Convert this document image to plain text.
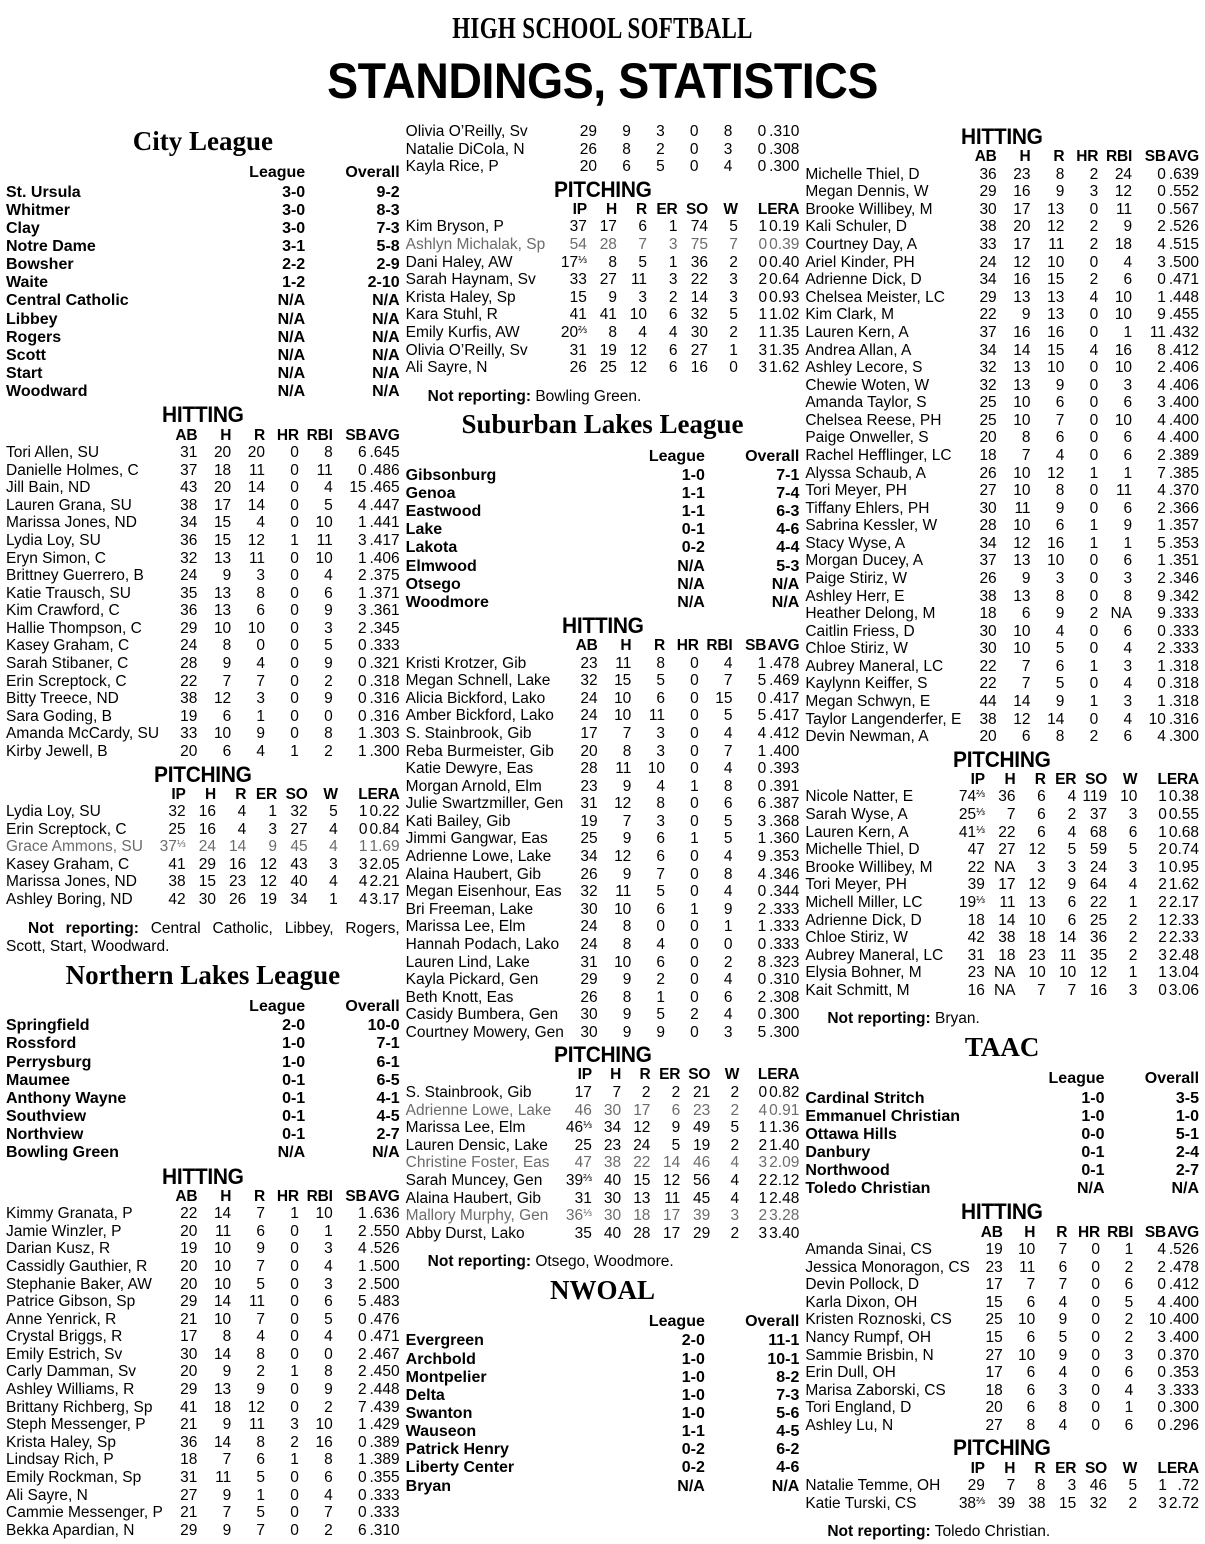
HIGH SCHOOL SOFTBALL
STANDINGS, STATISTICS
City League
	League	Overall
St. Ursula	3-0	9-2
Whitmer	3-0	8-3
Clay	3-0	7-3
Notre Dame	3-1	5-8
Bowsher	2-2	2-9
Waite	1-2	2-10
Central Catholic	N/A	N/A
Libbey	N/A	N/A
Rogers	N/A	N/A
Scott	N/A	N/A
Start	N/A	N/A
Woodward	N/A	N/A
HITTING
	AB	H	R	HR	RBI	SB	AVG
Tori Allen, SU	31	20	20	0	8	6	.645
Danielle Holmes, C	37	18	11	0	11	0	.486
Jill Bain, ND	43	20	14	0	4	15	.465
Lauren Grana, SU	38	17	14	0	5	4	.447
Marissa Jones, ND	34	15	4	0	10	1	.441
Lydia Loy, SU	36	15	12	1	11	3	.417
Eryn Simon, C	32	13	11	0	10	1	.406
Brittney Guerrero, B	24	9	3	0	4	2	.375
Katie Trausch, SU	35	13	8	0	6	1	.371
Kim Crawford, C	36	13	6	0	9	3	.361
Hallie Thompson, C	29	10	10	0	3	2	.345
Kasey Graham, C	24	8	0	0	5	0	.333
Sarah Stibaner, C	28	9	4	0	9	0	.321
Erin Screptock, C	22	7	7	0	2	0	.318
Bitty Treece, ND	38	12	3	0	9	0	.316
Sara Goding, B	19	6	1	0	0	0	.316
Amanda McCardy, SU	33	10	9	0	8	1	.303
Kirby Jewell, B	20	6	4	1	2	1	.300
PITCHING
	IP	H	R	ER	SO	W	L	ERA
Lydia Loy, SU	32	16	4	1	32	5	1	0.22
Erin Screptock, C	25	16	4	3	27	4	0	0.84
Grace Ammons, SU	$37^{\frac{1}{3}}$	24	14	9	45	4	1	1.69
Kasey Graham, C	41	29	16	12	43	3	3	2.05
Marissa Jones, ND	38	15	23	12	40	4	4	2.21
Ashley Boring, ND	42	30	26	19	34	1	4	3.17

Not reporting: Central Catholic, Libbey, Rogers, Scott, Start, Woodward.

Northern Lakes League
	League	Overall
Springfield	2-0	10-0
Rossford	1-0	7-1
Perrysburg	1-0	6-1
Maumee	0-1	6-5
Anthony Wayne	0-1	4-1
Southview	0-1	4-5
Northview	0-1	2-7
Bowling Green	N/A	N/A
HITTING
	AB	H	R	HR	RBI	SB	AVG
Kimmy Granata, P	22	14	7	1	10	1	.636
Jamie Winzler, P	20	11	6	0	1	2	.550
Darian Kusz, R	19	10	9	0	3	4	.526
Cassidly Gauthier, R	20	10	7	0	4	1	.500
Stephanie Baker, AW	20	10	5	0	3	2	.500
Patrice Gibson, Sp	29	14	11	0	6	5	.483
Anne Yenrick, R	21	10	7	0	5	0	.476
Crystal Briggs, R	17	8	4	0	4	0	.471
Emily Estrich, Sv	30	14	8	0	0	2	.467
Carly Damman, Sv	20	9	2	1	8	2	.450
Ashley Williams, R	29	13	9	0	9	2	.448
Brittany Richberg, Sp	41	18	12	0	2	7	.439
Steph Messenger, P	21	9	11	3	10	1	.429
Krista Haley, Sp	36	14	8	2	16	0	.389
Lindsay Rich, P	18	7	6	1	8	1	.389
Emily Rockman, Sp	31	11	5	0	6	0	.355
Ali Sayre, N	27	9	1	0	4	0	.333
Cammie Messenger, P	21	7	5	0	7	0	.333
Bekka Apardian, N	29	9	7	0	2	6	.310
Olivia O’Reilly, Sv	29	9	3	0	8	0	.310
Natalie DiCola, N	26	8	2	0	3	0	.308
Kayla Rice, P	20	6	5	0	4	0	.300
PITCHING
	IP	H	R	ER	SO	W	L	ERA
Kim Bryson, P	37	17	6	1	74	5	1	0.19
Ashlyn Michalak, Sp	54	28	7	3	75	7	0	0.39
Dani Haley, AW	$17^{\frac{1}{3}}$	8	5	1	36	2	0	0.40
Sarah Haynam, Sv	33	27	11	3	22	3	2	0.64
Krista Haley, Sp	15	9	3	2	14	3	0	0.93
Kara Stuhl, R	41	41	10	6	32	5	1	1.02
Emily Kurfis, AW	$20^{\frac{2}{3}}$	8	4	4	30	2	1	1.35
Olivia O’Reilly, Sv	31	19	12	6	27	1	3	1.35
Ali Sayre, N	26	25	12	6	16	0	3	1.62

Not reporting: Bowling Green.

Suburban Lakes League
	League	Overall
Gibsonburg	1-0	7-1
Genoa	1-1	7-4
Eastwood	1-1	6-3
Lake	0-1	4-6
Lakota	0-2	4-4
Elmwood	N/A	5-3
Otsego	N/A	N/A
Woodmore	N/A	N/A
HITTING
	AB	H	R	HR	RBI	SB	AVG
Kristi Krotzer, Gib	23	11	8	0	4	1	.478
Megan Schnell, Lake	32	15	5	0	7	5	.469
Alicia Bickford, Lako	24	10	6	0	15	0	.417
Amber Bickford, Lako	24	10	11	0	5	5	.417
S. Stainbrook, Gib	17	7	3	0	4	4	.412
Reba Burmeister, Gib	20	8	3	0	7	1	.400
Katie Dewyre, Eas	28	11	10	0	4	0	.393
Morgan Arnold, Elm	23	9	4	1	8	0	.391
Julie Swartzmiller, Gen	31	12	8	0	6	6	.387
Kati Bailey, Gib	19	7	3	0	5	3	.368
Jimmi Gangwar, Eas	25	9	6	1	5	1	.360
Adrienne Lowe, Lake	34	12	6	0	4	9	.353
Alaina Haubert, Gib	26	9	7	0	8	4	.346
Megan Eisenhour, Eas	32	11	5	0	4	0	.344
Bri Freeman, Lake	30	10	6	1	9	2	.333
Marissa Lee, Elm	24	8	0	0	1	1	.333
Hannah Podach, Lako	24	8	4	0	0	0	.333
Lauren Lind, Lake	31	10	6	0	2	8	.323
Kayla Pickard, Gen	29	9	2	0	4	0	.310
Beth Knott, Eas	26	8	1	0	6	2	.308
Casidy Bumbera, Gen	30	9	5	2	4	0	.300
Courtney Mowery, Gen	30	9	9	0	3	5	.300
PITCHING
	IP	H	R	ER	SO	W	L	ERA
S. Stainbrook, Gib	17	7	2	2	21	2	0	0.82
Adrienne Lowe, Lake	46	30	17	6	23	2	4	0.91
Marissa Lee, Elm	$46^{\frac{1}{3}}$	34	12	9	49	5	1	1.36
Lauren Densic, Lake	25	23	24	5	19	2	2	1.40
Christine Foster, Eas	47	38	22	14	46	4	3	2.09
Sarah Muncey, Gen	$39^{\frac{2}{3}}$	40	15	12	56	4	2	2.12
Alaina Haubert, Gib	31	30	13	11	45	4	1	2.48
Mallory Murphy, Gen	$36^{\frac{1}{3}}$	30	18	17	39	3	2	3.28
Abby Durst, Lako	35	40	28	17	29	2	3	3.40

Not reporting: Otsego, Woodmore.

NWOAL
	League	Overall
Evergreen	2-0	11-1
Archbold	1-0	10-1
Montpelier	1-0	8-2
Delta	1-0	7-3
Swanton	1-0	5-6
Wauseon	1-1	4-5
Patrick Henry	0-2	6-2
Liberty Center	0-2	4-6
Bryan	N/A	N/A
HITTING
	AB	H	R	HR	RBI	SB	AVG
Michelle Thiel, D	36	23	8	2	24	0	.639
Megan Dennis, W	29	16	9	3	12	0	.552
Brooke Willibey, M	30	17	13	0	11	0	.567
Kali Schuler, D	38	20	12	2	9	2	.526
Courtney Day, A	33	17	11	2	18	4	.515
Ariel Kinder, PH	24	12	10	0	4	3	.500
Adrienne Dick, D	34	16	15	2	6	0	.471
Chelsea Meister, LC	29	13	13	4	10	1	.448
Kim Clark, M	22	9	13	0	10	9	.455
Lauren Kern, A	37	16	16	0	1	11	.432
Andrea Allan, A	34	14	15	4	16	8	.412
Ashley Lecore, S	32	13	10	0	10	2	.406
Chewie Woten, W	32	13	9	0	3	4	.406
Amanda Taylor, S	25	10	6	0	6	3	.400
Chelsea Reese, PH	25	10	7	0	10	4	.400
Paige Onweller, S	20	8	6	0	6	4	.400
Rachel Hefflinger, LC	18	7	4	0	6	2	.389
Alyssa Schaub, A	26	10	12	1	1	7	.385
Tori Meyer, PH	27	10	8	0	11	4	.370
Tiffany Ehlers, PH	30	11	9	0	6	2	.366
Sabrina Kessler, W	28	10	6	1	9	1	.357
Stacy Wyse, A	34	12	16	1	1	5	.353
Morgan Ducey, A	37	13	10	0	6	1	.351
Paige Stiriz, W	26	9	3	0	3	2	.346
Ashley Herr, E	38	13	8	0	8	9	.342
Heather Delong, M	18	6	9	2	NA	9	.333
Caitlin Friess, D	30	10	4	0	6	0	.333
Chloe Stiriz, W	30	10	5	0	4	2	.333
Aubrey Maneral, LC	22	7	6	1	3	1	.318
Kaylynn Keiffer, S	22	7	5	0	4	0	.318
Megan Schwyn, E	44	14	9	1	3	1	.318
Taylor Langenderfer, E	38	12	14	0	4	10	.316
Devin Newman, A	20	6	8	2	6	4	.300
PITCHING
	IP	H	R	ER	SO	W	L	ERA
Nicole Natter, E	$74^{\frac{2}{3}}$	36	6	4	119	10	1	0.38
Sarah Wyse, A	$25^{\frac{1}{3}}$	7	6	2	37	3	0	0.55
Lauren Kern, A	$41^{\frac{1}{3}}$	22	6	4	68	6	1	0.68
Michelle Thiel, D	47	27	12	5	59	5	2	0.74
Brooke Willibey, M	22	NA	3	3	24	3	1	0.95
Tori Meyer, PH	39	17	12	9	64	4	2	1.62
Michell Miller, LC	$19^{\frac{1}{3}}$	11	13	6	22	1	2	2.17
Adrienne Dick, D	18	14	10	6	25	2	1	2.33
Chloe Stiriz, W	42	38	18	14	36	2	2	2.33
Aubrey Maneral, LC	31	18	23	11	35	2	3	2.48
Elysia Bohner, M	23	NA	10	10	12	1	1	3.04
Kait Schmitt, M	16	NA	7	7	16	3	0	3.06

Not reporting: Bryan.

TAAC
	League	Overall
Cardinal Stritch	1-0	3-5
Emmanuel Christian	1-0	1-0
Ottawa Hills	0-0	5-1
Danbury	0-1	2-4
Northwood	0-1	2-7
Toledo Christian	N/A	N/A
HITTING
	AB	H	R	HR	RBI	SB	AVG
Amanda Sinai, CS	19	10	7	0	1	4	.526
Jessica Monoragon, CS	23	11	6	0	2	2	.478
Devin Pollock, D	17	7	7	0	6	0	.412
Karla Dixon, OH	15	6	4	0	5	4	.400
Kristen Roznoski, CS	25	10	9	0	2	10	.400
Nancy Rumpf, OH	15	6	5	0	2	3	.400
Sammie Brisbin, N	27	10	9	0	3	0	.370
Erin Dull, OH	17	6	4	0	6	0	.353
Marisa Zaborski, CS	18	6	3	0	4	3	.333
Tori England, D	20	6	8	0	1	0	.300
Ashley Lu, N	27	8	4	0	6	0	.296
PITCHING
	IP	H	R	ER	SO	W	L	ERA
Natalie Temme, OH	29	7	8	3	46	5	1	.72
Katie Turski, CS	$38^{\frac{2}{3}}$	39	38	15	32	2	3	2.72

Not reporting: Toledo Christian.
